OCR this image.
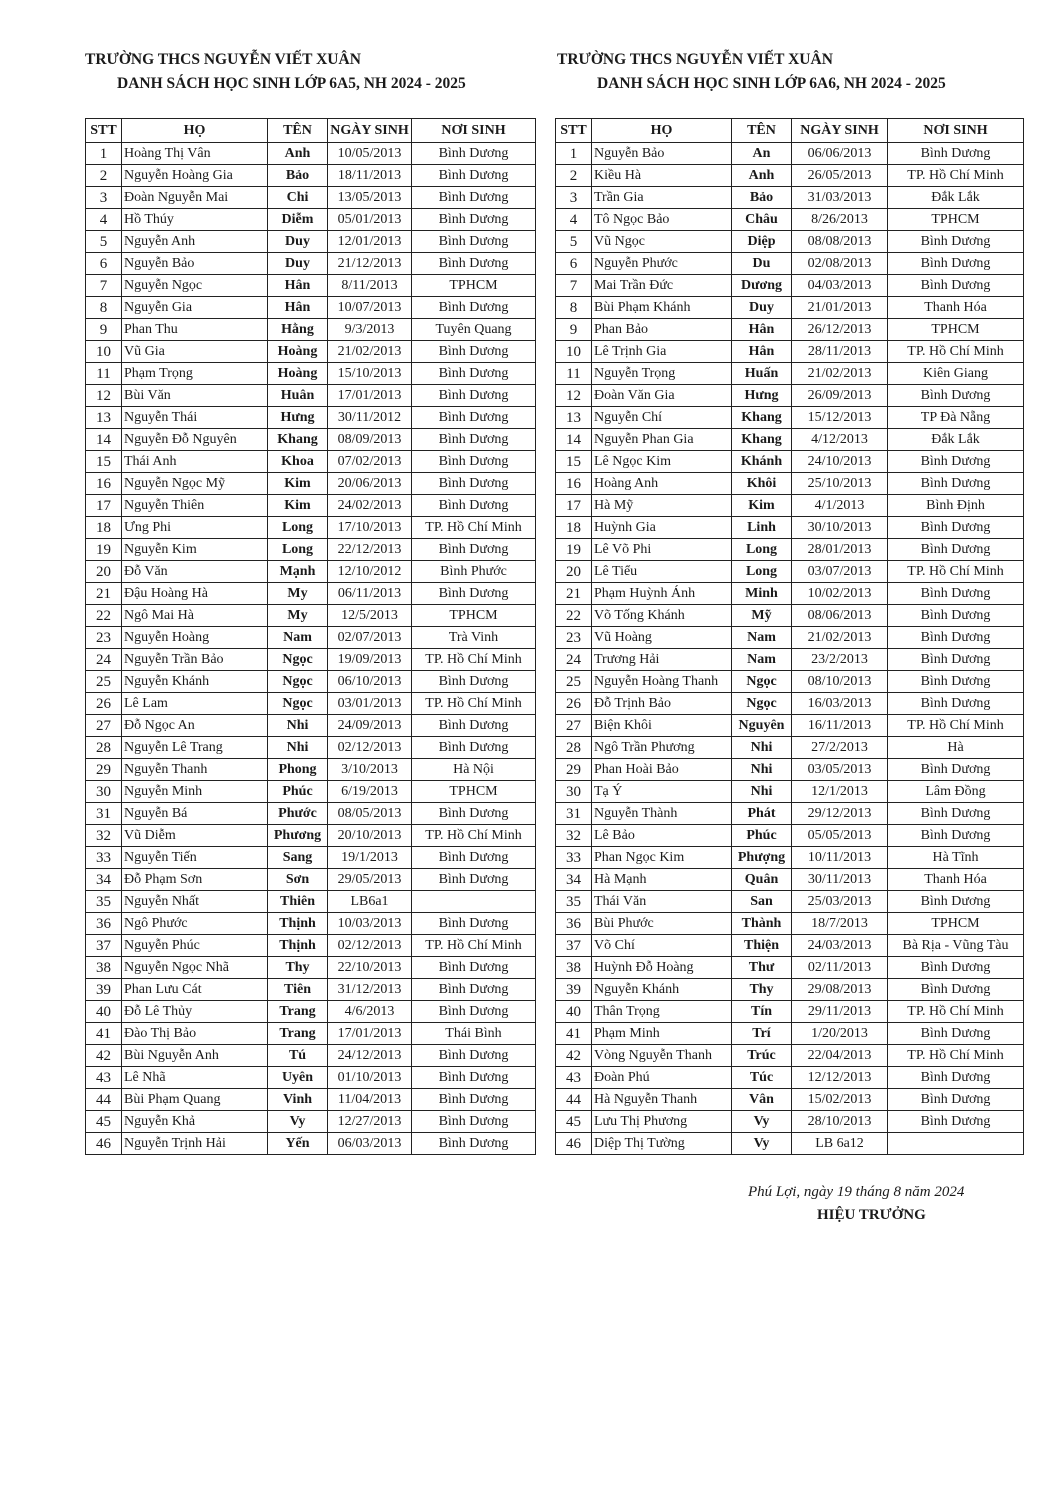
TRƯỜNG THCS NGUYỄN VIẾT XUÂN
DANH SÁCH HỌC SINH LỚP 6A5, NH 2024 - 2025
STT	HỌ	TÊN	NGÀY SINH	NƠI SINH
1	Hoàng Thị Vân	Anh	10/05/2013	Bình Dương
2	Nguyễn Hoàng Gia	Bảo	18/11/2013	Bình Dương
3	Đoàn Nguyễn Mai	Chi	13/05/2013	Bình Dương
4	Hồ Thúy	Diễm	05/01/2013	Bình Dương
5	Nguyễn Anh	Duy	12/01/2013	Bình Dương
6	Nguyễn Bảo	Duy	21/12/2013	Bình Dương
7	Nguyễn Ngọc	Hân	8/11/2013	TPHCM
8	Nguyễn Gia	Hân	10/07/2013	Bình Dương
9	Phan Thu	Hằng	9/3/2013	Tuyên Quang
10	Vũ Gia	Hoàng	21/02/2013	Bình Dương
11	Phạm Trọng	Hoàng	15/10/2013	Bình Dương
12	Bùi Văn	Huân	17/01/2013	Bình Dương
13	Nguyễn Thái	Hưng	30/11/2012	Bình Dương
14	Nguyễn Đỗ Nguyên	Khang	08/09/2013	Bình Dương
15	Thái Anh	Khoa	07/02/2013	Bình Dương
16	Nguyễn Ngọc Mỹ	Kim	20/06/2013	Bình Dương
17	Nguyễn Thiên	Kim	24/02/2013	Bình Dương
18	Ưng Phi	Long	17/10/2013	TP. Hồ Chí Minh
19	Nguyễn Kim	Long	22/12/2013	Bình Dương
20	Đỗ Văn	Mạnh	12/10/2012	Bình Phước
21	Đậu Hoàng Hà	My	06/11/2013	Bình Dương
22	Ngô Mai Hà	My	12/5/2013	TPHCM
23	Nguyễn Hoàng	Nam	02/07/2013	Trà Vinh
24	Nguyễn Trần Bảo	Ngọc	19/09/2013	TP. Hồ Chí Minh
25	Nguyễn Khánh	Ngọc	06/10/2013	Bình Dương
26	Lê Lam	Ngọc	03/01/2013	TP. Hồ Chí Minh
27	Đỗ Ngọc An	Nhi	24/09/2013	Bình Dương
28	Nguyễn Lê Trang	Nhi	02/12/2013	Bình Dương
29	Nguyễn Thanh	Phong	3/10/2013	Hà Nội
30	Nguyễn Minh	Phúc	6/19/2013	TPHCM
31	Nguyễn Bá	Phước	08/05/2013	Bình Dương
32	Vũ Diễm	Phương	20/10/2013	TP. Hồ Chí Minh
33	Nguyễn Tiến	Sang	19/1/2013	Bình Dương
34	Đỗ Phạm Sơn	Sơn	29/05/2013	Bình Dương
35	Nguyễn Nhất	Thiên	LB6a1	
36	Ngô Phước	Thịnh	10/03/2013	Bình Dương
37	Nguyễn Phúc	Thịnh	02/12/2013	TP. Hồ Chí Minh
38	Nguyễn Ngọc Nhã	Thy	22/10/2013	Bình Dương
39	Phan Lưu Cát	Tiên	31/12/2013	Bình Dương
40	Đỗ Lê Thủy	Trang	4/6/2013	Bình Dương
41	Đào Thị Bảo	Trang	17/01/2013	Thái Bình
42	Bùi Nguyễn Anh	Tú	24/12/2013	Bình Dương
43	Lê Nhã	Uyên	01/10/2013	Bình Dương
44	Bùi Phạm Quang	Vinh	11/04/2013	Bình Dương
45	Nguyễn Khả	Vy	12/27/2013	Bình Dương
46	Nguyễn Trịnh Hải	Yến	06/03/2013	Bình Dương
TRƯỜNG THCS NGUYỄN VIẾT XUÂN
DANH SÁCH HỌC SINH LỚP 6A6, NH 2024 - 2025
STT	HỌ	TÊN	NGÀY SINH	NƠI SINH
1	Nguyễn Bảo	An	06/06/2013	Bình Dương
2	Kiều Hà	Anh	26/05/2013	TP. Hồ Chí Minh
3	Trần Gia	Bảo	31/03/2013	Đắk Lắk
4	Tô Ngọc Bảo	Châu	8/26/2013	TPHCM
5	Vũ Ngọc	Diệp	08/08/2013	Bình Dương
6	Nguyễn Phước	Du	02/08/2013	Bình Dương
7	Mai Trần Đức	Dương	04/03/2013	Bình Dương
8	Bùi Phạm Khánh	Duy	21/01/2013	Thanh Hóa
9	Phan Bảo	Hân	26/12/2013	TPHCM
10	Lê Trịnh Gia	Hân	28/11/2013	TP. Hồ Chí Minh
11	Nguyễn Trọng	Huấn	21/02/2013	Kiên Giang
12	Đoàn Văn Gia	Hưng	26/09/2013	Bình Dương
13	Nguyễn Chí	Khang	15/12/2013	TP Đà Nẵng
14	Nguyễn Phan Gia	Khang	4/12/2013	Đắk Lắk
15	Lê Ngọc Kim	Khánh	24/10/2013	Bình Dương
16	Hoàng Anh	Khôi	25/10/2013	Bình Dương
17	Hà Mỹ	Kim	4/1/2013	Bình Định
18	Huỳnh Gia	Linh	30/10/2013	Bình Dương
19	Lê Võ Phi	Long	28/01/2013	Bình Dương
20	Lê Tiểu	Long	03/07/2013	TP. Hồ Chí Minh
21	Phạm Huỳnh Ánh	Minh	10/02/2013	Bình Dương
22	Võ Tống Khánh	Mỹ	08/06/2013	Bình Dương
23	Vũ Hoàng	Nam	21/02/2013	Bình Dương
24	Trương Hải	Nam	23/2/2013	Bình Dương
25	Nguyễn Hoàng Thanh	Ngọc	08/10/2013	Bình Dương
26	Đỗ Trịnh Bảo	Ngọc	16/03/2013	Bình Dương
27	Biện Khôi	Nguyên	16/11/2013	TP. Hồ Chí Minh
28	Ngô Trần Phương	Nhi	27/2/2013	Hà
29	Phan Hoài Bảo	Nhi	03/05/2013	Bình Dương
30	Tạ Ý	Nhi	12/1/2013	Lâm Đồng
31	Nguyễn Thành	Phát	29/12/2013	Bình Dương
32	Lê Bảo	Phúc	05/05/2013	Bình Dương
33	Phan Ngọc Kim	Phượng	10/11/2013	Hà Tĩnh
34	Hà Mạnh	Quân	30/11/2013	Thanh Hóa
35	Thái Văn	San	25/03/2013	Bình Dương
36	Bùi Phước	Thành	18/7/2013	TPHCM
37	Võ Chí	Thiện	24/03/2013	Bà Rịa - Vũng Tàu
38	Huỳnh Đỗ Hoàng	Thư	02/11/2013	Bình Dương
39	Nguyễn Khánh	Thy	29/08/2013	Bình Dương
40	Thân Trọng	Tín	29/11/2013	TP. Hồ Chí Minh
41	Phạm Minh	Trí	1/20/2013	Bình Dương
42	Vòng Nguyễn Thanh	Trúc	22/04/2013	TP. Hồ Chí Minh
43	Đoàn Phú	Túc	12/12/2013	Bình Dương
44	Hà Nguyễn Thanh	Vân	15/02/2013	Bình Dương
45	Lưu Thị Phương	Vy	28/10/2013	Bình Dương
46	Diệp Thị Tường	Vy	LB 6a12	
Phú Lợi, ngày 19 tháng 8 năm 2024
HIỆU TRƯỞNG
